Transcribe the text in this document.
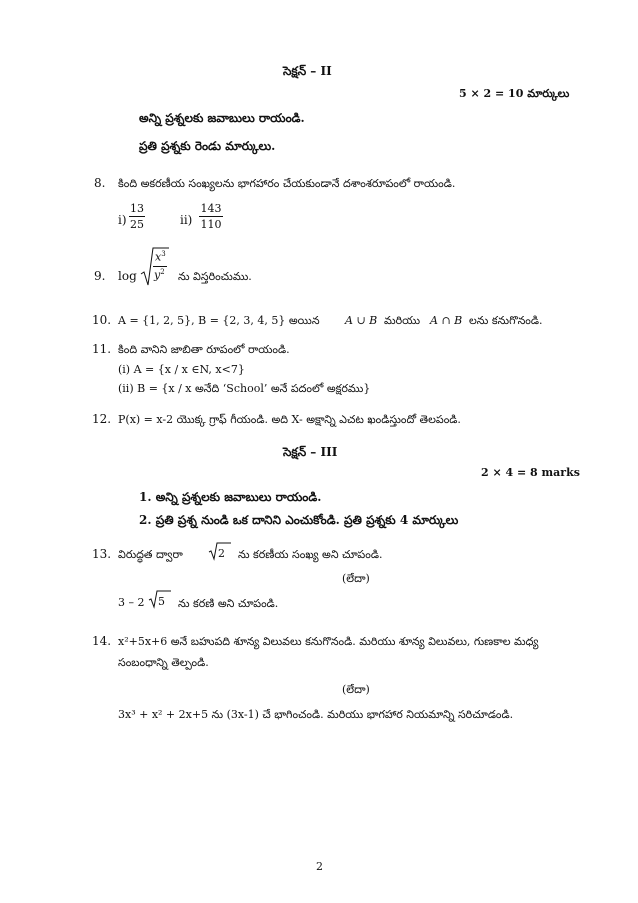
సెక్షన్ – II
5 × 2 = 10 మార్కులు
అన్ని ప్రశ్నలకు జవాబులు రాయండి.
ప్రతి ప్రశ్నకు రెండు మార్కులు.
8. కింది అకరణీయ సంఖ్యలను భాగహారం చేయకుండానే దశాంశరూపంలో రాయండి.
i)
13
25	ii)
143
110
9. log
$x^3$
$y^2$ ను విస్తరించుము.
10. A = {1, 2, 5}, B = {2, 3, 4, 5} అయిన A ∪ B మరియు A ∩ B లను కనుగొనండి.
11. కింది వానిని జాబితా రూపంలో రాయండి.
(i) A = {x / x ∈N, x<7}
(ii) B = {x / x అనేది ‘School’ అనే పదంలో అక్షరము}
12. P(x) = x-2 యొక్క గ్రాఫ్ గీయండి. అది X- అక్షాన్ని ఎచట ఖండిస్తుందో తెలపండి.
సెక్షన్ – III
2 × 4 = 8 marks
1. అన్ని ప్రశ్నలకు జవాబులు రాయండి.
2. ప్రతి ప్రశ్న నుండి ఒక దానిని ఎంచుకోండి. ప్రతి ప్రశ్నకు 4 మార్కులు
13. విరుద్ధత ద్వారా	2 ను కరణీయ సంఖ్య అని చూపండి.
(లేదా)
3 – 2 5 ను కరణి అని చూపండి.
14. x²+5x+6 అనే బహుపది శూన్య విలువలు కనుగొనండి. మరియు శూన్య విలువలు, గుణకాల మధ్య
సంబంధాన్ని తెల్పండి.
(లేదా)
3x³ + x² + 2x+5 ను (3x-1) చే భాగించండి. మరియు భాగహార నియమాన్ని సరిచూడండి.
2
